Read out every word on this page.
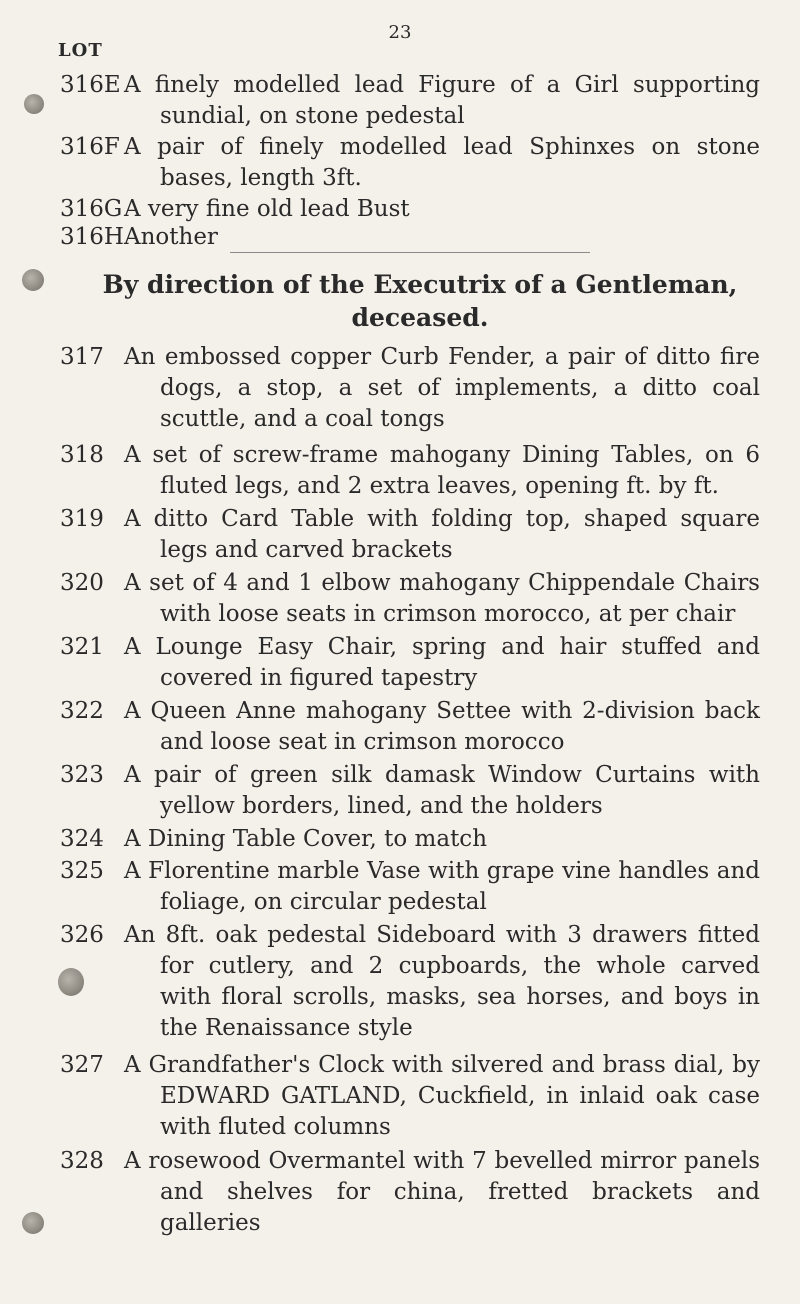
23
LOT
316E A finely modelled lead Figure of a Girl supporting sundial, on stone pedestal
316F A pair of finely modelled lead Sphinxes on stone bases, length 3ft.
316G A very fine old lead Bust
316H Another
By direction of the Executrix of a Gentleman, deceased.
317 An embossed copper Curb Fender, a pair of ditto fire dogs, a stop, a set of implements, a ditto coal scuttle, and a coal tongs
318 A set of screw-frame mahogany Dining Tables, on 6 fluted legs, and 2 extra leaves, opening ft. by ft.
319 A ditto Card Table with folding top, shaped square legs and carved brackets
320 A set of 4 and 1 elbow mahogany Chippendale Chairs with loose seats in crimson morocco, at per chair
321 A Lounge Easy Chair, spring and hair stuffed and covered in figured tapestry
322 A Queen Anne mahogany Settee with 2-division back and loose seat in crimson morocco
323 A pair of green silk damask Window Curtains with yellow borders, lined, and the holders
324 A Dining Table Cover, to match
325 A Florentine marble Vase with grape vine handles and foliage, on circular pedestal
326 An 8ft. oak pedestal Sideboard with 3 drawers fitted for cutlery, and 2 cupboards, the whole carved with floral scrolls, masks, sea horses, and boys in the Renaissance style
327 A Grandfather's Clock with silvered and brass dial, by EDWARD GATLAND, Cuckfield, in inlaid oak case with fluted columns
328 A rosewood Overmantel with 7 bevelled mirror panels and shelves for china, fretted brackets and galleries
